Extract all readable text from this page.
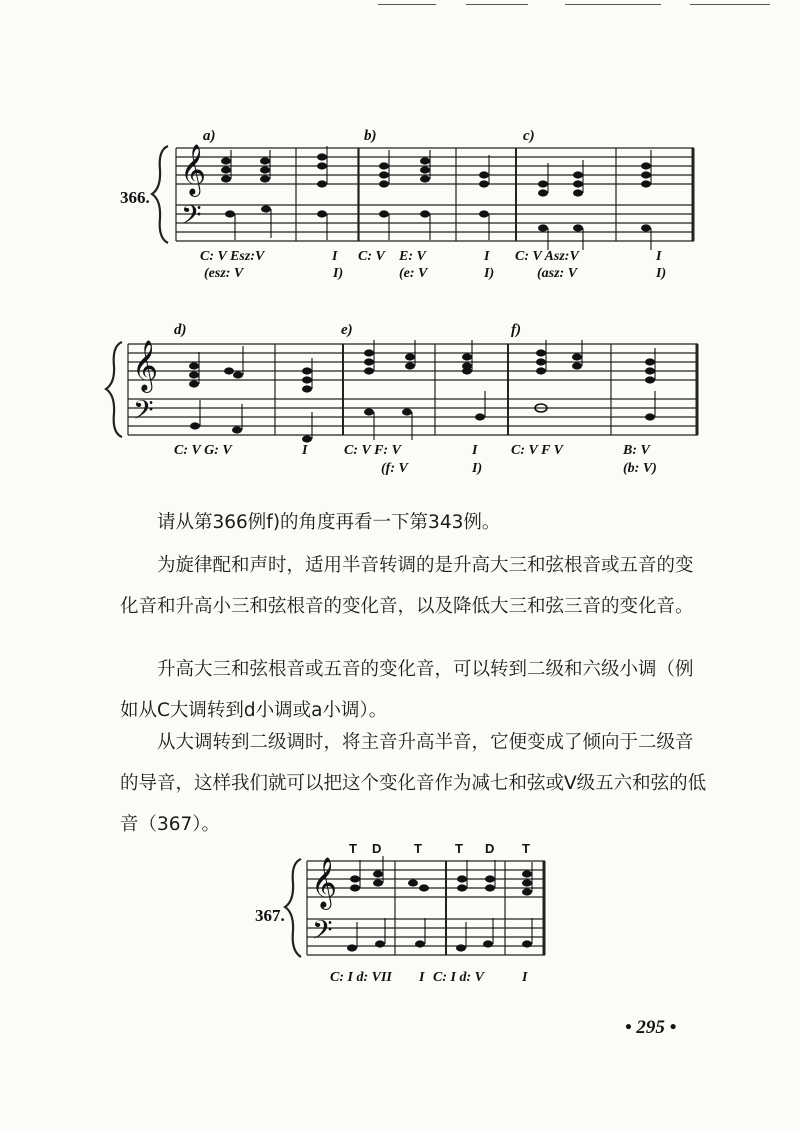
366.
𝄞
𝄢
a)	b)	c)
C: V Esz:V	I C: V E: V	I C: V Asz:V	I
(esz: V	I)	(e: V	I)	(asz: V	I)
𝄞
𝄢
d)	e)	f)
C: V G: V	I	C: V F: V	I C: V F V	B: V
(f: V	I)	(b: V)

请从第366例f)的角度再看一下第343例。

为旋律配和声时，适用半音转调的是升高大三和弦根音或五音的变化音和升高小三和弦根音的变化音，以及降低大三和弦三音的变化音。

升高大三和弦根音或五音的变化音，可以转到二级和六级小调（例如从C大调转到d小调或a小调）。

从大调转到二级调时，将主音升高半音，它便变成了倾向于二级音的导音，这样我们就可以把这个变化音作为减七和弦或Ⅴ级五六和弦的低音（367）。

367.
𝄞
𝄢
T D	T	T D T
C: I d: VII I C: I d: V	I
• 295 •
